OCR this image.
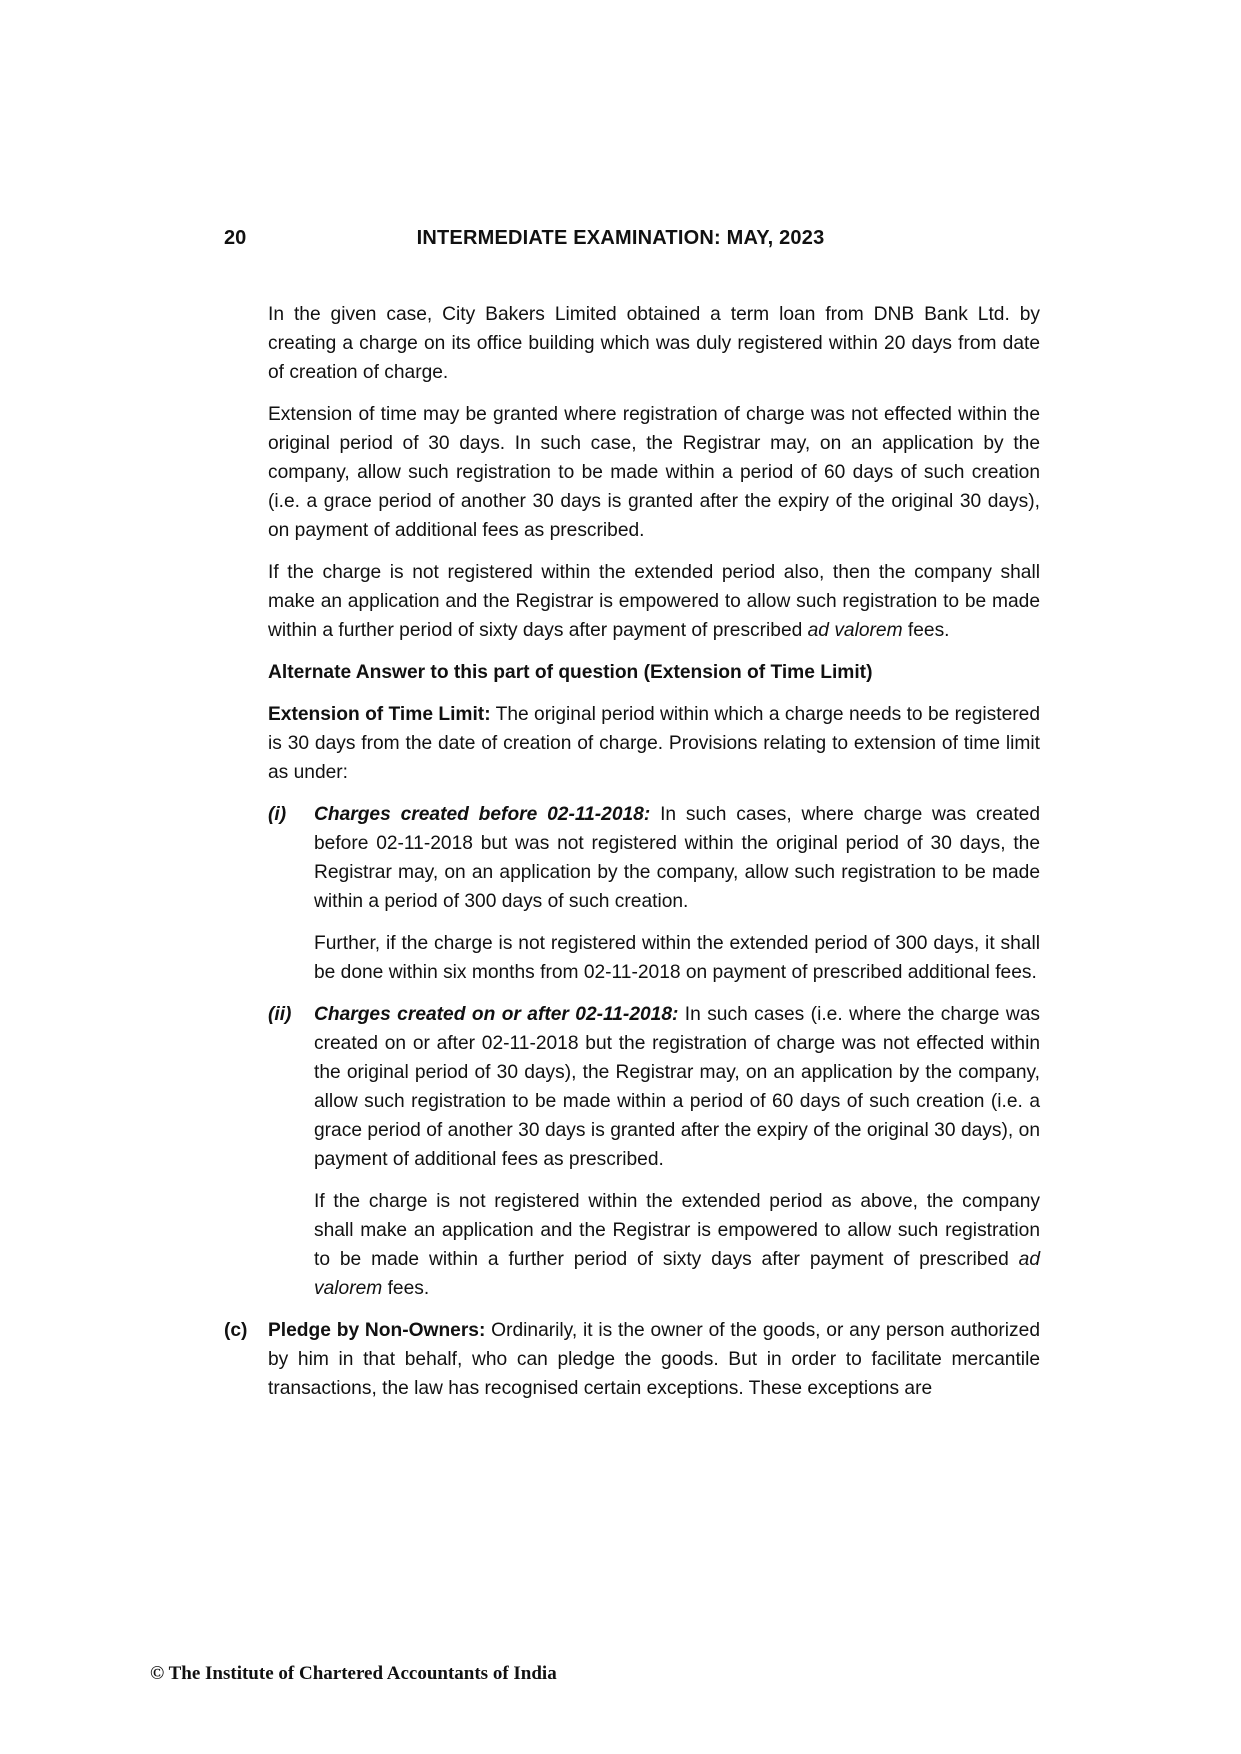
20	INTERMEDIATE EXAMINATION: MAY, 2023

In the given case, City Bakers Limited obtained a term loan from DNB Bank Ltd. by creating a charge on its office building which was duly registered within 20 days from date of creation of charge.

Extension of time may be granted where registration of charge was not effected within the original period of 30 days. In such case, the Registrar may, on an application by the company, allow such registration to be made within a period of 60 days of such creation (i.e. a grace period of another 30 days is granted after the expiry of the original 30 days), on payment of additional fees as prescribed.

If the charge is not registered within the extended period also, then the company shall make an application and the Registrar is empowered to allow such registration to be made within a further period of sixty days after payment of prescribed ad valorem fees.

Alternate Answer to this part of question (Extension of Time Limit)

Extension of Time Limit: The original period within which a charge needs to be registered is 30 days from the date of creation of charge. Provisions relating to extension of time limit as under:

(i) Charges created before 02-11-2018: In such cases, where charge was created before 02-11-2018 but was not registered within the original period of 30 days, the Registrar may, on an application by the company, allow such registration to be made within a period of 300 days of such creation.

Further, if the charge is not registered within the extended period of 300 days, it shall be done within six months from 02-11-2018 on payment of prescribed additional fees.

(ii) Charges created on or after 02-11-2018: In such cases (i.e. where the charge was created on or after 02-11-2018 but the registration of charge was not effected within the original period of 30 days), the Registrar may, on an application by the company, allow such registration to be made within a period of 60 days of such creation (i.e. a grace period of another 30 days is granted after the expiry of the original 30 days), on payment of additional fees as prescribed.

If the charge is not registered within the extended period as above, the company shall make an application and the Registrar is empowered to allow such registration to be made within a further period of sixty days after payment of prescribed ad valorem fees.

(c) Pledge by Non-Owners: Ordinarily, it is the owner of the goods, or any person authorized by him in that behalf, who can pledge the goods. But in order to facilitate mercantile transactions, the law has recognised certain exceptions. These exceptions are

© The Institute of Chartered Accountants of India
